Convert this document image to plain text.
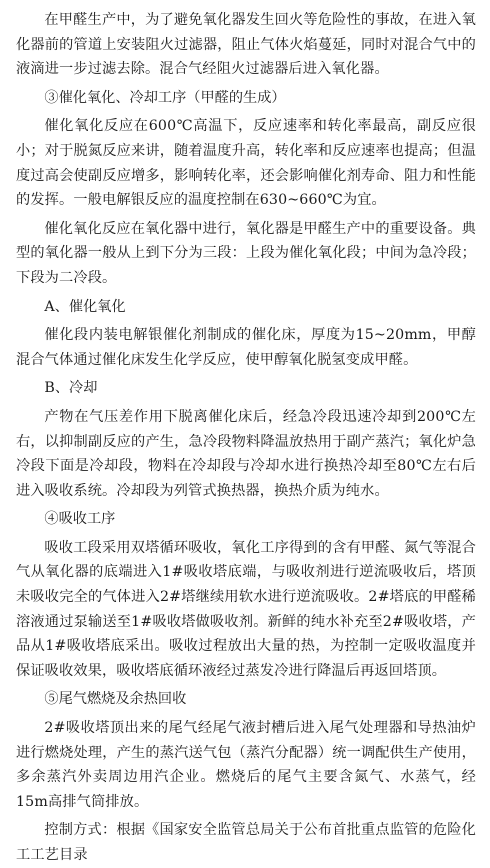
在甲醛生产中，为了避免氧化器发生回火等危险性的事故，在进入氧化器前的管道上安装阻火过滤器，阻止气体火焰蔓延，同时对混合气中的液滴进一步过滤去除。混合气经阻火过滤器后进入氧化器。

③催化氧化、冷却工序（甲醛的生成）

催化氧化反应在600℃高温下，反应速率和转化率最高，副反应很小；对于脱氮反应来讲，随着温度升高，转化率和反应速率也提高；但温度过高会使副反应增多，影响转化率，还会影响催化剂寿命、阻力和性能的发挥。一般电解银反应的温度控制在630~660℃为宜。

催化氧化反应在氧化器中进行，氧化器是甲醛生产中的重要设备。典型的氧化器一般从上到下分为三段：上段为催化氧化段；中间为急冷段；下段为二冷段。

A、催化氧化

催化段内装电解银催化剂制成的催化床，厚度为15~20mm，甲醇混合气体通过催化床发生化学反应，使甲醇氧化脱氢变成甲醛。

B、冷却

产物在气压差作用下脱离催化床后，经急冷段迅速冷却到200℃左右，以抑制副反应的产生，急冷段物料降温放热用于副产蒸汽；氧化炉急冷段下面是冷却段，物料在冷却段与冷却水进行换热冷却至80℃左右后进入吸收系统。冷却段为列管式换热器，换热介质为纯水。

④吸收工序

吸收工段采用双塔循环吸收，氧化工序得到的含有甲醛、氮气等混合气从氧化器的底端进入1#吸收塔底端，与吸收剂进行逆流吸收后，塔顶未吸收完全的气体进入2#塔继续用软水进行逆流吸收。2#塔底的甲醛稀溶液通过泵输送至1#吸收塔做吸收剂。新鲜的纯水补充至2#吸收塔，产品从1#吸收塔底采出。吸收过程放出大量的热，为控制一定吸收温度并保证吸收效果，吸收塔底循环液经过蒸发冷进行降温后再返回塔顶。

⑤尾气燃烧及余热回收

2#吸收塔顶出来的尾气经尾气液封槽后进入尾气处理器和导热油炉进行燃烧处理，产生的蒸汽送气包（蒸汽分配器）统一调配供生产使用，多余蒸汽外卖周边用汽企业。燃烧后的尾气主要含氮气、水蒸气，经15m高排气筒排放。

控制方式：根据《国家安全监管总局关于公布首批重点监管的危险化工工艺目录
